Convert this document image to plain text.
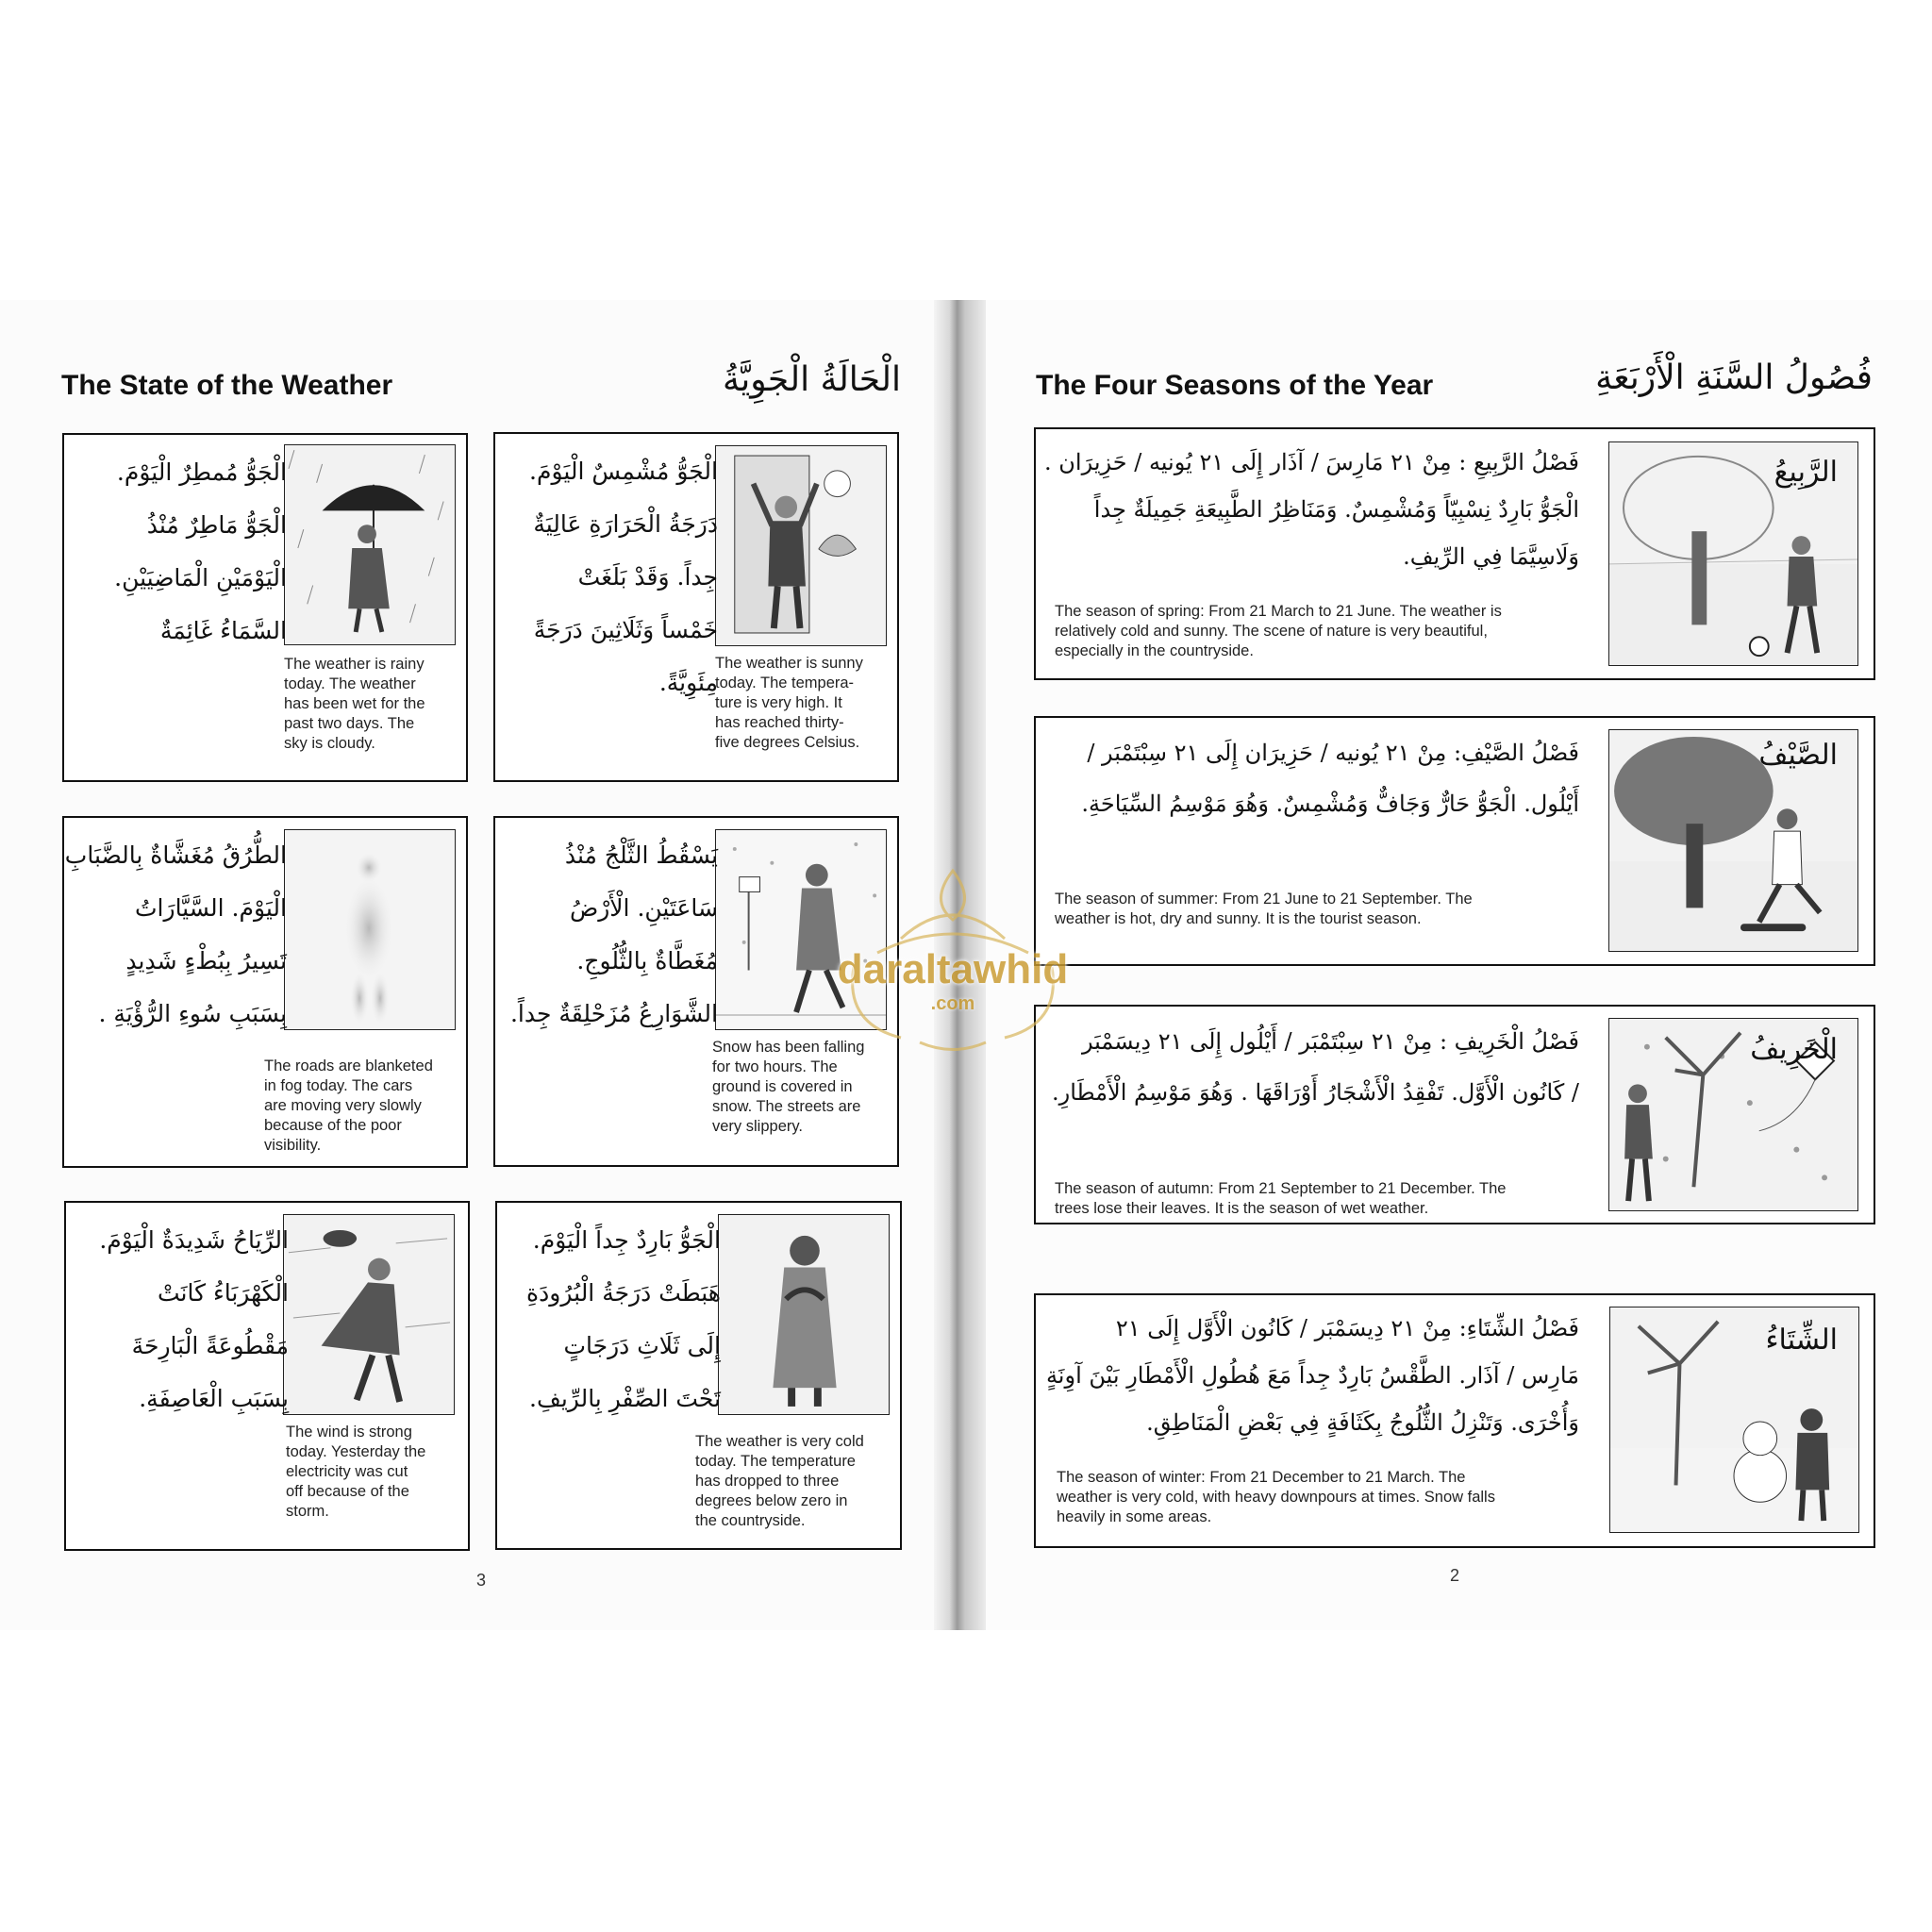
The State of the Weather	الْحَالَةُ الْجَوِيَّةُ
الْجَوُّ مُمطِرٌ الْيَوْمَ.
الْجَوُّ مَاطِرٌ مُنْذُ
الْيَوْمَيْنِ الْمَاضِيَيْنِ.
السَّمَاءُ غَائِمَةٌ
The weather is rainy
today. The weather
has been wet for the
past two days. The
sky is cloudy.
الْجَوُّ مُشْمِسٌ الْيَوْمَ.
دَرَجَةُ الْحَرَارَةِ عَالِيَةٌ
جِداً. وَقَدْ بَلَغَتْ
خَمْساً وَثَلَاثِينَ دَرَجَةً
مِئَوِيَّةً.
The weather is sunny
today. The tempera-
ture is very high. It
has reached thirty-
five degrees Celsius.
الطُّرُقُ مُغَشَّاةٌ بِالضَّبَابِ
الْيَوْمَ. السَّيَّارَاتُ
تَسِيرُ بِبُطْءٍ شَدِيدٍ
بِسَبَبِ سُوءِ الرُّؤْيَةِ .
The roads are blanketed
in fog today. The cars
are moving very slowly
because of the poor
visibility.
يَسْقُطُ الثَّلْجُ مُنْذُ
سَاعَتَيْنِ. الْأَرْضُ
مُغَطَّاةٌ بِالثُّلُوجِ.
الشَّوَارِعُ مُزَحْلِقَةٌ جِداً.
Snow has been falling
for two hours. The
ground is covered in
snow. The streets are
very slippery.
الرِّيَاحُ شَدِيدَةٌ الْيَوْمَ.
الْكَهْرَبَاءُ كَانَتْ
مَقْطُوعَةً الْبَارِحَةَ
بِسَبَبِ الْعَاصِفَةِ.
The wind is strong
today. Yesterday the
electricity was cut
off because of the
storm.
الْجَوُّ بَارِدٌ جِداً الْيَوْمَ.
هَبَطَتْ دَرَجَةُ الْبُرُودَةِ
إِلَى ثَلَاثِ دَرَجَاتٍ
تَحْتَ الصِّفْرِ بِالرِّيفِ.
The weather is very cold
today. The temperature
has dropped to three
degrees below zero in
the countryside.
3
The Four Seasons of the Year	فُصُولُ السَّنَةِ الْأَرْبَعَةِ
الرَّبِيعُ
فَصْلُ الرَّبِيعِ : مِنْ ٢١ مَارِسَ / آذَار إِلَى ٢١ يُونيه / حَزِيرَان .
الْجَوُّ بَارِدٌ نِسْبِيّاً وَمُشْمِسٌ. وَمَنَاظِرُ الطَّبِيعَةِ جَمِيلَةٌ جِداً
وَلَاسِيَّمَا فِي الرِّيفِ.
The season of spring: From 21 March to 21 June. The weather is
relatively cold and sunny. The scene of nature is very beautiful,
especially in the countryside.
الصَّيْفُ
فَصْلُ الصَّيْفِ: مِنْ ٢١ يُونيه / حَزِيرَان إِلَى ٢١ سِبْتَمْبَر /
أَيْلُول. الْجَوُّ حَارٌّ وَجَافٌّ وَمُشْمِسٌ. وَهُوَ مَوْسِمُ السِّيَاحَةِ.
The season of summer: From 21 June to 21 September. The
weather is hot, dry and sunny. It is the tourist season.
الْخَرِيفُ
فَصْلُ الْخَرِيفِ : مِنْ ٢١ سِبْتَمْبَر / أَيْلُول إِلَى ٢١ دِيسَمْبَر
/ كَانُون الْأَوَّل. تَفْقِدُ الْأَشْجَارُ أَوْرَاقَهَا . وَهُوَ مَوْسِمُ الْأَمْطَارِ.
The season of autumn: From 21 September to 21 December. The
trees lose their leaves. It is the season of wet weather.
الشِّتَاءُ
فَصْلُ الشِّتَاءِ: مِنْ ٢١ دِيسَمْبَر / كَانُون الْأَوَّل إِلَى ٢١
مَارِس / آذَار. الطَّقْسُ بَارِدٌ جِداً مَعَ هُطُولِ الْأَمْطَارِ بَيْنَ آوِنَةٍ
وَأُخْرَى. وَتَنْزِلُ الثُّلُوجُ بِكَثَافَةٍ فِي بَعْضِ الْمَنَاطِقِ.
The season of winter: From 21 December to 21 March. The
weather is very cold, with heavy downpours at times. Snow falls
heavily in some areas.
2
daraltawhid
.com
